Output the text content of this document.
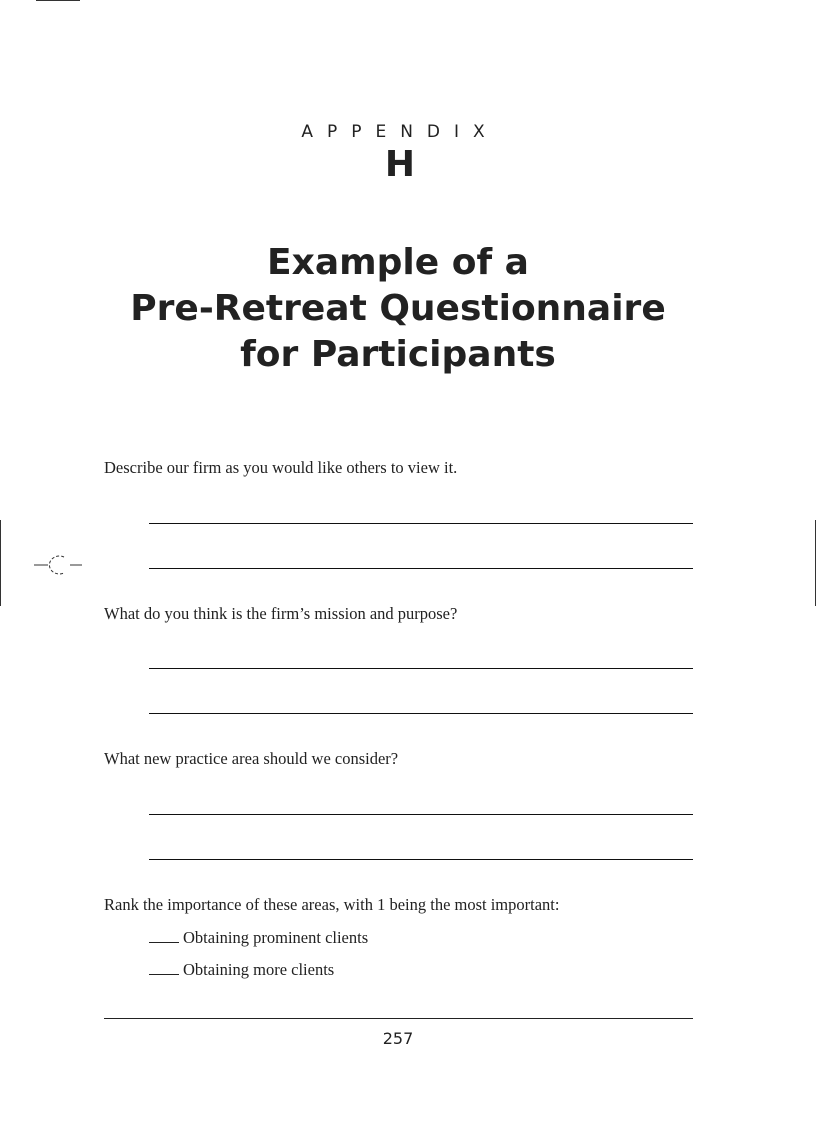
APPENDIX
H
Example of a
Pre-Retreat Questionnaire
for Participants
Describe our firm as you would like others to view it.
What do you think is the firm’s mission and purpose?
What new practice area should we consider?
Rank the importance of these areas, with 1 being the most important:
Obtaining prominent clients
Obtaining more clients
257
